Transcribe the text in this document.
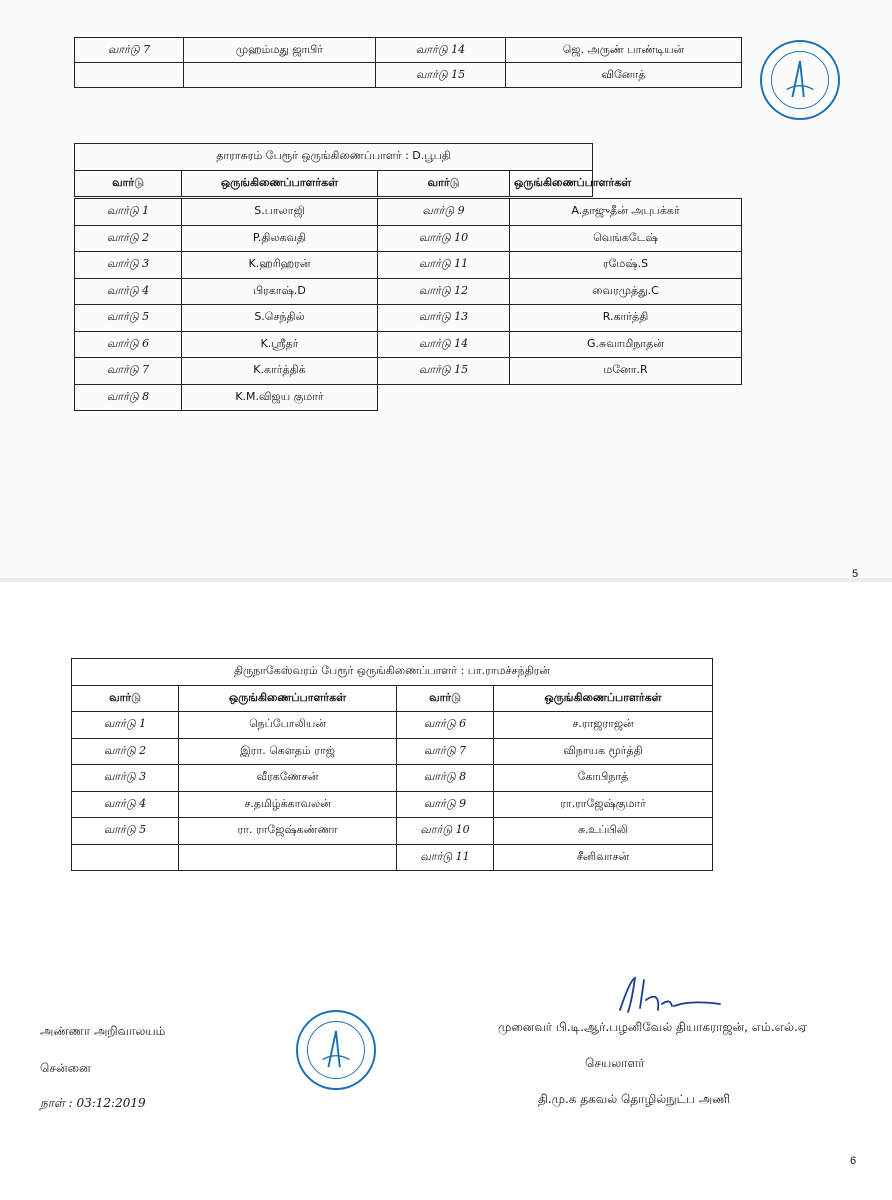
வார்டு 7	முஹம்மது ஜாபிர்	வார்டு 14	ஜெ. அருண் பாண்டியன்
		வார்டு 15	வினோத்
தாராசுரம் பேரூர் ஒருங்கிணைப்பாளர் : D.பூபதி
வார்டு	ஒருங்கிணைப்பாளர்கள்	வார்டு	ஒருங்கிணைப்பாளர்கள்
வார்டு 1	S.பாலாஜி	வார்டு 9	A.தாஜுதீன் அபுபக்கர்
வார்டு 2	P.திலகவதி	வார்டு 10	வெங்கடேஷ்
வார்டு 3	K.ஹரிஹரன்	வார்டு 11	ரமேஷ்.S
வார்டு 4	பிரகாஷ்.D	வார்டு 12	வைரமுத்து.C
வார்டு 5	S.செந்தில்	வார்டு 13	R.கார்த்தி
வார்டு 6	K.ஸ்ரீதர்	வார்டு 14	G.சுவாமிநாதன்
வார்டு 7	K.கார்த்திக்	வார்டு 15	மனோ.R
வார்டு 8	K.M.விஜய குமார்		
5
திருநாகேஸ்வரம் பேரூர் ஒருங்கிணைப்பாளர் : பா.ராமச்சந்திரன்			
வார்டு	ஒருங்கிணைப்பாளர்கள்	வார்டு	ஒருங்கிணைப்பாளர்கள்
வார்டு 1	நெப்போலியன்	வார்டு 6	ச.ராஜராஜன்
வார்டு 2	இரா. கௌதம் ராஜ்	வார்டு 7	விநாயக மூர்த்தி
வார்டு 3	வீரகணேசன்	வார்டு 8	கோபிநாத்
வார்டு 4	ச.தமிழ்க்காவலன்	வார்டு 9	ரா.ராஜேஷ்குமார்
வார்டு 5	ரா. ராஜேஷ்கண்ணா	வார்டு 10	சு.உப்பிலி
		வார்டு 11	சீனிவாசன்
அண்ணா அறிவாலயம்
சென்னை
நாள் : 03:12:2019
முனைவர் பி.டி.ஆர்.பழனிவேல் தியாகராஜன், எம்.எல்.ஏ
செயலாளர்
தி.மு.க தகவல் தொழில்நுட்ப அணி
6
